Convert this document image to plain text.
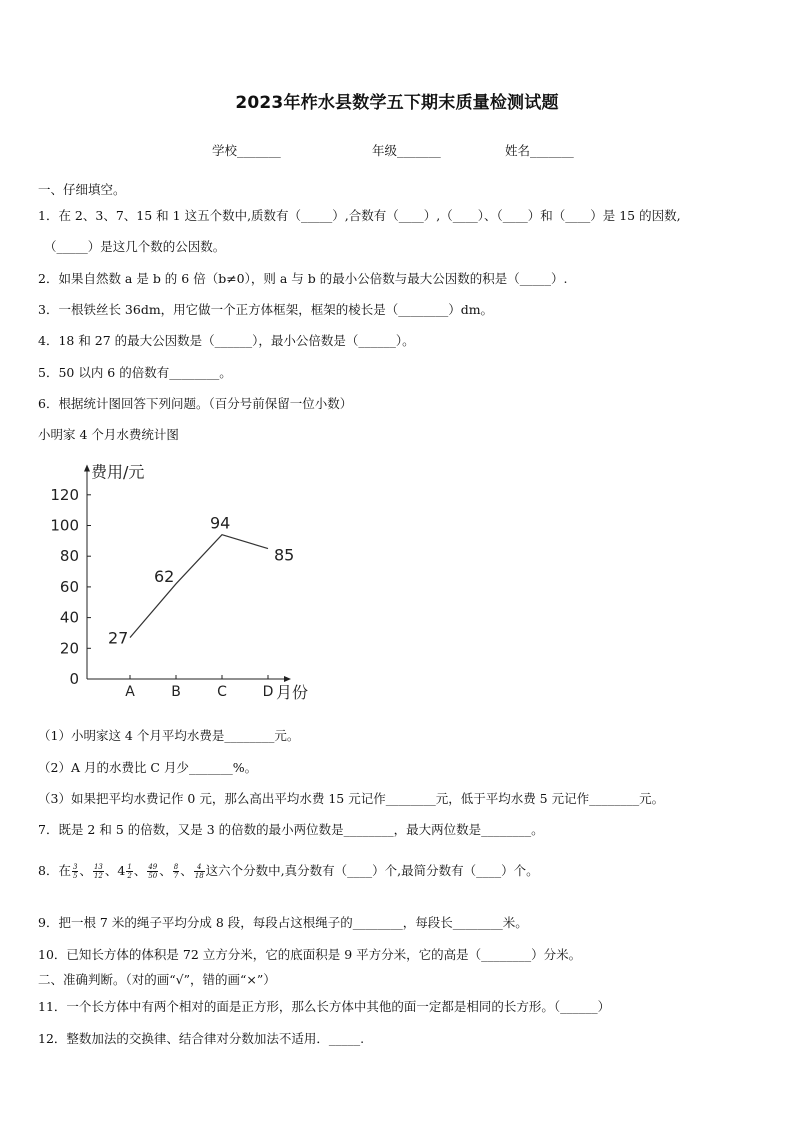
2023年柞水县数学五下期末质量检测试题
学校_______	年级_______	姓名_______
一、仔细填空。
1．在 2、3、7、15 和 1 这五个数中,质数有（_____）,合数有（____）,（____）、（____）和（____）是 15 的因数,
（_____）是这几个数的公因数。
2．如果自然数 a 是 b 的 6 倍（b≠0），则 a 与 b 的最小公倍数与最大公因数的积是（_____）.
3．一根铁丝长 36dm，用它做一个正方体框架，框架的棱长是（________）dm。
4．18 和 27 的最大公因数是（______），最小公倍数是（______）。
5．50 以内 6 的倍数有________。
6．根据统计图回答下列问题。（百分号前保留一位小数）
小明家 4 个月水费统计图
0
20
40
60
80
100
120
费用/元
月份
A	B	C	D
27
62
94
85
（1）小明家这 4 个月平均水费是________元。
（2）A 月的水费比 C 月少_______%。
（3）如果把平均水费记作 0 元，那么高出平均水费 15 元记作________元，低于平均水费 5 元记作________元。
7．既是 2 和 5 的倍数，又是 3 的倍数的最小两位数是________，最大两位数是________。
8．在 $\frac{3}{5}$ 、 $\frac{13}{12}$ 、$4 \frac{1}{2}$ 、 $\frac{49}{50}$ 、 $\frac{8}{7}$ 、 $\frac{4}{18}$ 这六个分数中,真分数有（____）个,最简分数有（____）个。
9．把一根 7 米的绳子平均分成 8 段，每段占这根绳子的________，每段长________米。
10．已知长方体的体积是 72 立方分米，它的底面积是 9 平方分米，它的高是（________）分米。
二、准确判断。（对的画“√”，错的画“×”）
11．一个长方体中有两个相对的面是正方形，那么长方体中其他的面一定都是相同的长方形。（______）
12．整数加法的交换律、结合律对分数加法不适用．_____.
